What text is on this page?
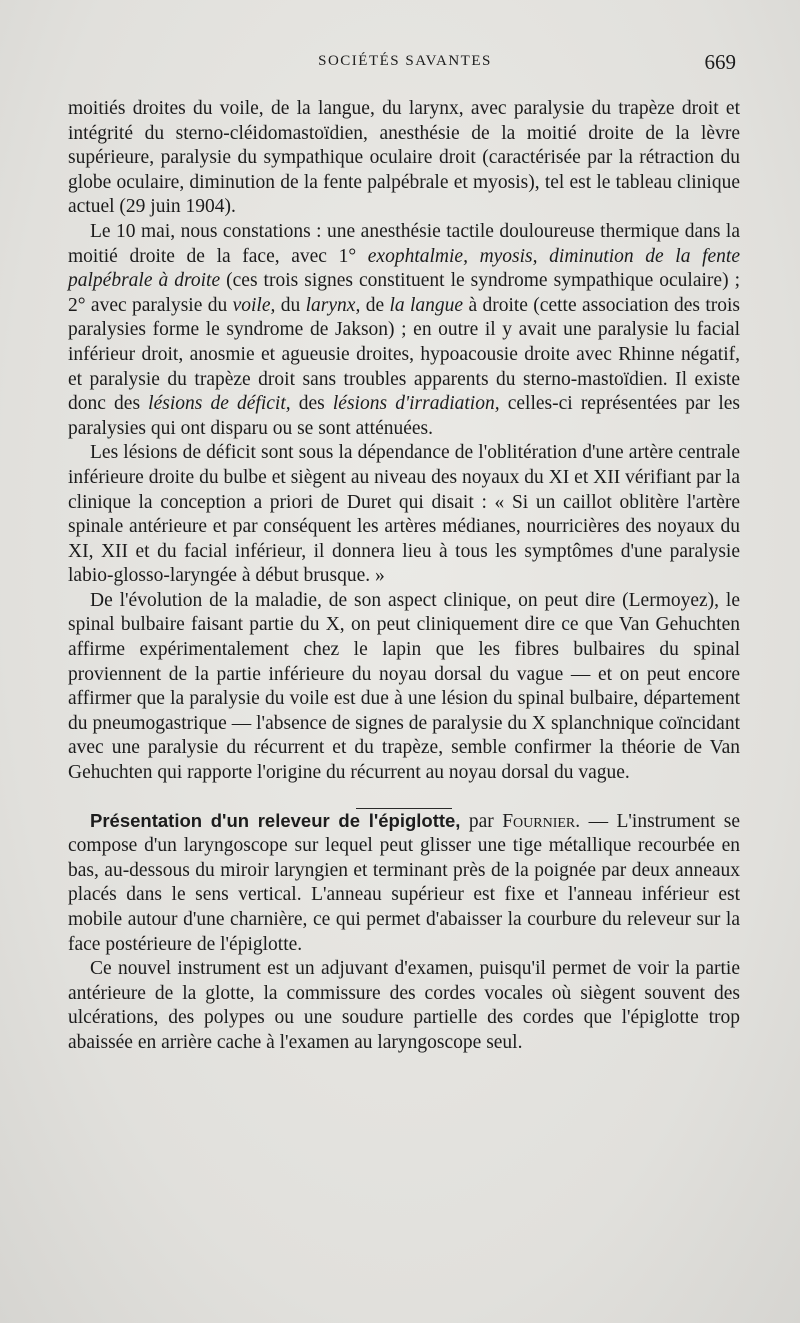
SOCIÉTÉS SAVANTES	669

moitiés droites du voile, de la langue, du larynx, avec paralysie du trapèze droit et intégrité du sterno-cléidomastoïdien, anesthésie de la moitié droite de la lèvre supérieure, paralysie du sympathique oculaire droit (caractérisée par la rétraction du globe oculaire, diminution de la fente palpébrale et myosis), tel est le tableau clinique actuel (29 juin 1904).

Le 10 mai, nous constations : une anesthésie tactile douloureuse thermique dans la moitié droite de la face, avec 1° exophtalmie, myosis, diminution de la fente palpébrale à droite (ces trois signes constituent le syndrome sympathique oculaire) ; 2° avec paralysie du voile, du larynx, de la langue à droite (cette association des trois paralysies forme le syndrome de Jakson) ; en outre il y avait une paralysie lu facial inférieur droit, anosmie et agueusie droites, hypoacousie droite avec Rhinne négatif, et paralysie du trapèze droit sans troubles apparents du sterno-mastoïdien. Il existe donc des lésions de déficit, des lésions d'irradiation, celles-ci représentées par les paralysies qui ont disparu ou se sont atténuées.

Les lésions de déficit sont sous la dépendance de l'oblitération d'une artère centrale inférieure droite du bulbe et siègent au niveau des noyaux du XI et XII vérifiant par la clinique la conception a priori de Duret qui disait : « Si un caillot oblitère l'artère spinale antérieure et par conséquent les artères médianes, nourricières des noyaux du XI, XII et du facial inférieur, il donnera lieu à tous les symptômes d'une paralysie labio-glosso-laryngée à début brusque. »

De l'évolution de la maladie, de son aspect clinique, on peut dire (Lermoyez), le spinal bulbaire faisant partie du X, on peut cliniquement dire ce que Van Gehuchten affirme expérimentalement chez le lapin que les fibres bulbaires du spinal proviennent de la partie inférieure du noyau dorsal du vague — et on peut encore affirmer que la paralysie du voile est due à une lésion du spinal bulbaire, département du pneumogastrique — l'absence de signes de paralysie du X splanchnique coïncidant avec une paralysie du récurrent et du trapèze, semble confirmer la théorie de Van Gehuchten qui rapporte l'origine du récurrent au noyau dorsal du vague.

Présentation d'un releveur de l'épiglotte, par Fournier. — L'instrument se compose d'un laryngoscope sur lequel peut glisser une tige métallique recourbée en bas, au-dessous du miroir laryngien et terminant près de la poignée par deux anneaux placés dans le sens vertical. L'anneau supérieur est fixe et l'anneau inférieur est mobile autour d'une charnière, ce qui permet d'abaisser la courbure du releveur sur la face postérieure de l'épiglotte.

Ce nouvel instrument est un adjuvant d'examen, puisqu'il permet de voir la partie antérieure de la glotte, la commissure des cordes vocales où siègent souvent des ulcérations, des polypes ou une soudure partielle des cordes que l'épiglotte trop abaissée en arrière cache à l'examen au laryngoscope seul.
